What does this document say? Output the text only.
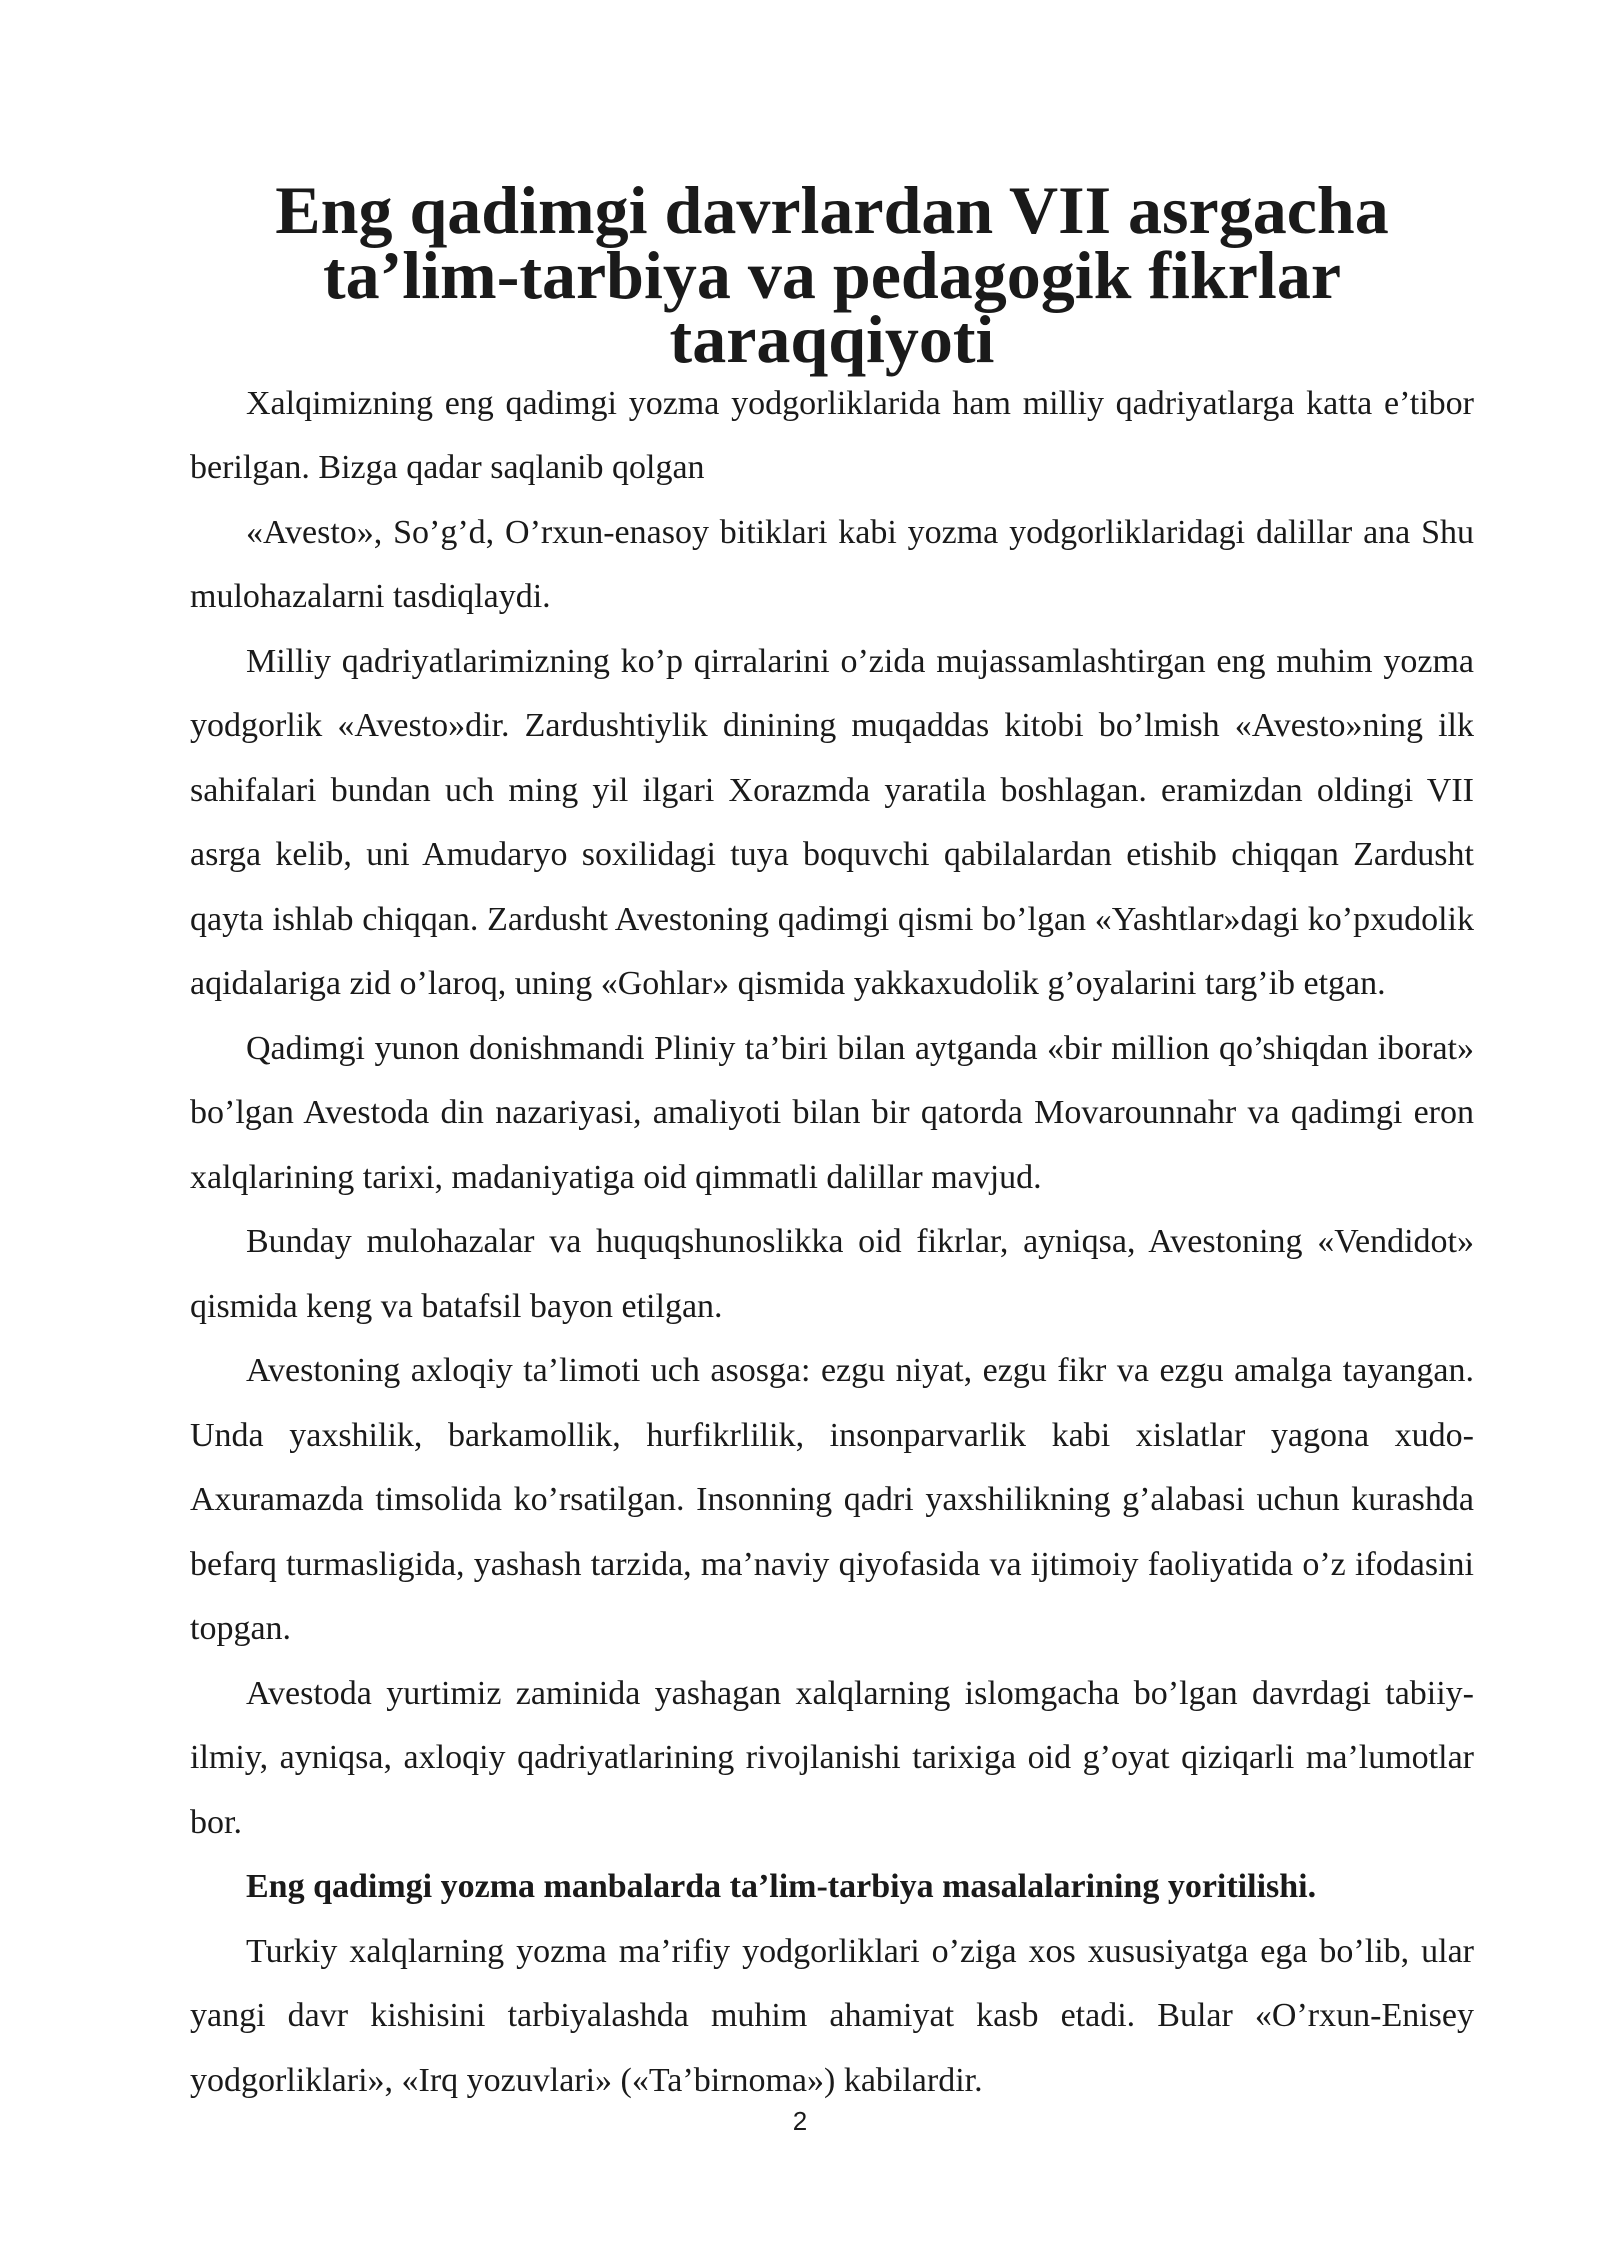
Eng qadimgi davrlardan VII asrgacha ta’lim-tarbiya va pedagogik fikrlar taraqqiyoti

Xalqimizning eng qadimgi yozma yodgorliklarida ham milliy qadriyatlarga katta e’tibor berilgan. Bizga qadar saqlanib qolgan

«Avesto», So’g’d, O’rxun-enasoy bitiklari kabi yozma yodgorliklaridagi dalillar ana Shu mulohazalarni tasdiqlaydi.

Milliy qadriyatlarimizning ko’p qirralarini o’zida mujassamlashtirgan eng muhim yozma yodgorlik «Avesto»dir. Zardushtiylik dinining muqaddas kitobi bo’lmish «Avesto»ning ilk sahifalari bundan uch ming yil ilgari Xorazmda yaratila boshlagan. eramizdan oldingi VII asrga kelib, uni Amudaryo soxilidagi tuya boquvchi qabilalardan etishib chiqqan Zardusht qayta ishlab chiqqan. Zardusht Avestoning qadimgi qismi bo’lgan «Yashtlar»dagi ko’pxudolik aqidalariga zid o’laroq, uning «Gohlar» qismida yakkaxudolik g’oyalarini targ’ib etgan.

Qadimgi yunon donishmandi Pliniy ta’biri bilan aytganda «bir million qo’shiqdan iborat» bo’lgan Avestoda din nazariyasi, amaliyoti bilan bir qatorda Movarounnahr va qadimgi eron xalqlarining tarixi, madaniyatiga oid qimmatli dalillar mavjud.

Bunday mulohazalar va huquqshunoslikka oid fikrlar, ayniqsa, Avestoning «Vendidot» qismida keng va batafsil bayon etilgan.

Avestoning axloqiy ta’limoti uch asosga: ezgu niyat, ezgu fikr va ezgu amalga tayangan. Unda yaxshilik, barkamollik, hurfikrlilik, insonparvarlik kabi xislatlar yagona xudo-Axuramazda timsolida ko’rsatilgan. Insonning qadri yaxshilikning g’alabasi uchun kurashda befarq turmasligida, yashash tarzida, ma’naviy qiyofasida va ijtimoiy faoliyatida o’z ifodasini topgan.

Avestoda yurtimiz zaminida yashagan xalqlarning islomgacha bo’lgan davrdagi tabiiy-ilmiy, ayniqsa, axloqiy qadriyatlarining rivojlanishi tarixiga oid g’oyat qiziqarli ma’lumotlar bor.

Eng qadimgi yozma manbalarda ta’lim-tarbiya masalalarining yoritilishi.

Turkiy xalqlarning yozma ma’rifiy yodgorliklari o’ziga xos xususiyatga ega bo’lib, ular yangi davr kishisini tarbiyalashda muhim ahamiyat kasb etadi. Bular «O’rxun-Enisey yodgorliklari», «Irq yozuvlari» («Ta’birnoma») kabilardir.

2
